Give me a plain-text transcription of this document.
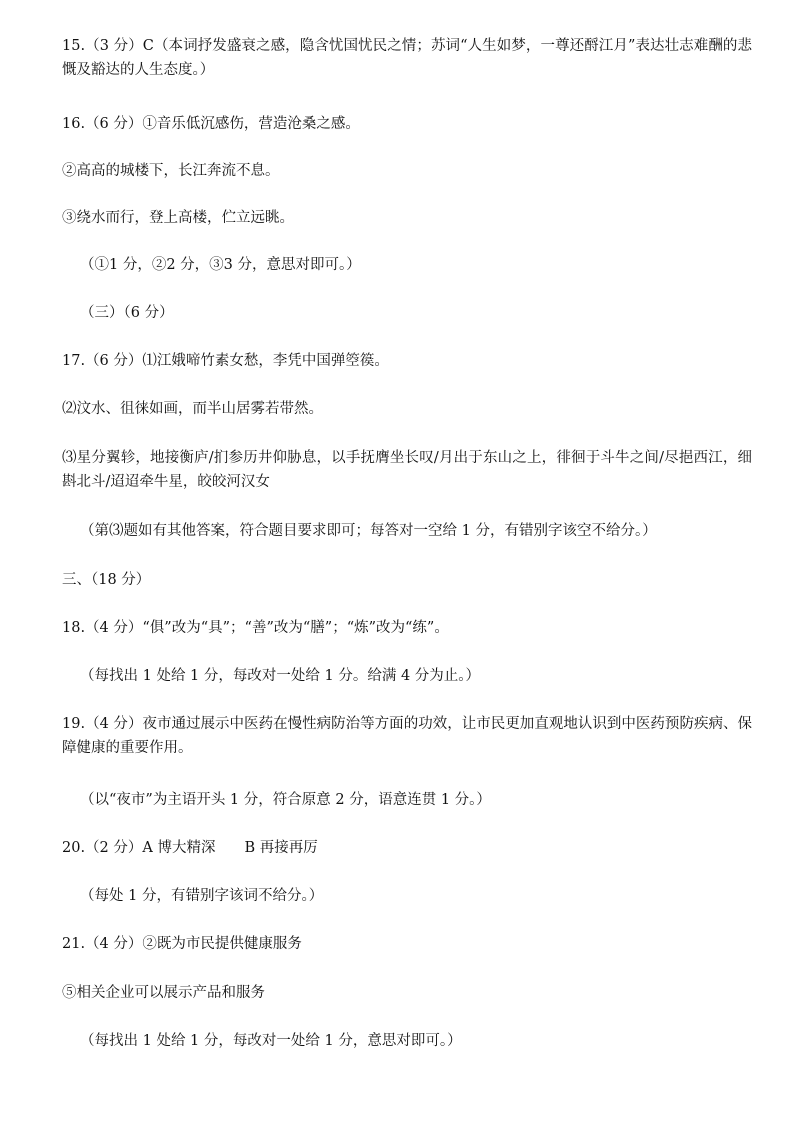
15.（3 分）C（本词抒发盛衰之感，隐含忧国忧民之情；苏词“人生如梦，一尊还酹江月”表达壮志难酬的悲慨及豁达的人生态度。）
16.（6 分）①音乐低沉感伤，营造沧桑之感。
②高高的城楼下，长江奔流不息。
③绕水而行，登上高楼，伫立远眺。
（①1 分，②2 分，③3 分，意思对即可。）
（三）（6 分）
17.（6 分）⑴江娥啼竹素女愁，李凭中国弹箜篌。
⑵汶水、徂徕如画，而半山居雾若带然。
⑶星分翼轸，地接衡庐/扪参历井仰胁息，以手抚膺坐长叹/月出于东山之上，徘徊于斗牛之间/尽挹西江，细斟北斗/迢迢牵牛星，皎皎河汉女
（第⑶题如有其他答案，符合题目要求即可；每答对一空给 1 分，有错别字该空不给分。）
三、（18 分）
18.（4 分）“俱”改为“具”；“善”改为“膳”；“炼”改为“练”。
（每找出 1 处给 1 分，每改对一处给 1 分。给满 4 分为止。）
19.（4 分）夜市通过展示中医药在慢性病防治等方面的功效，让市民更加直观地认识到中医药预防疾病、保障健康的重要作用。
（以“夜市”为主语开头 1 分，符合原意 2 分，语意连贯 1 分。）
20.（2 分）A 博大精深　　B 再接再厉
（每处 1 分，有错别字该词不给分。）
21.（4 分）②既为市民提供健康服务
⑤相关企业可以展示产品和服务
（每找出 1 处给 1 分，每改对一处给 1 分，意思对即可。）
